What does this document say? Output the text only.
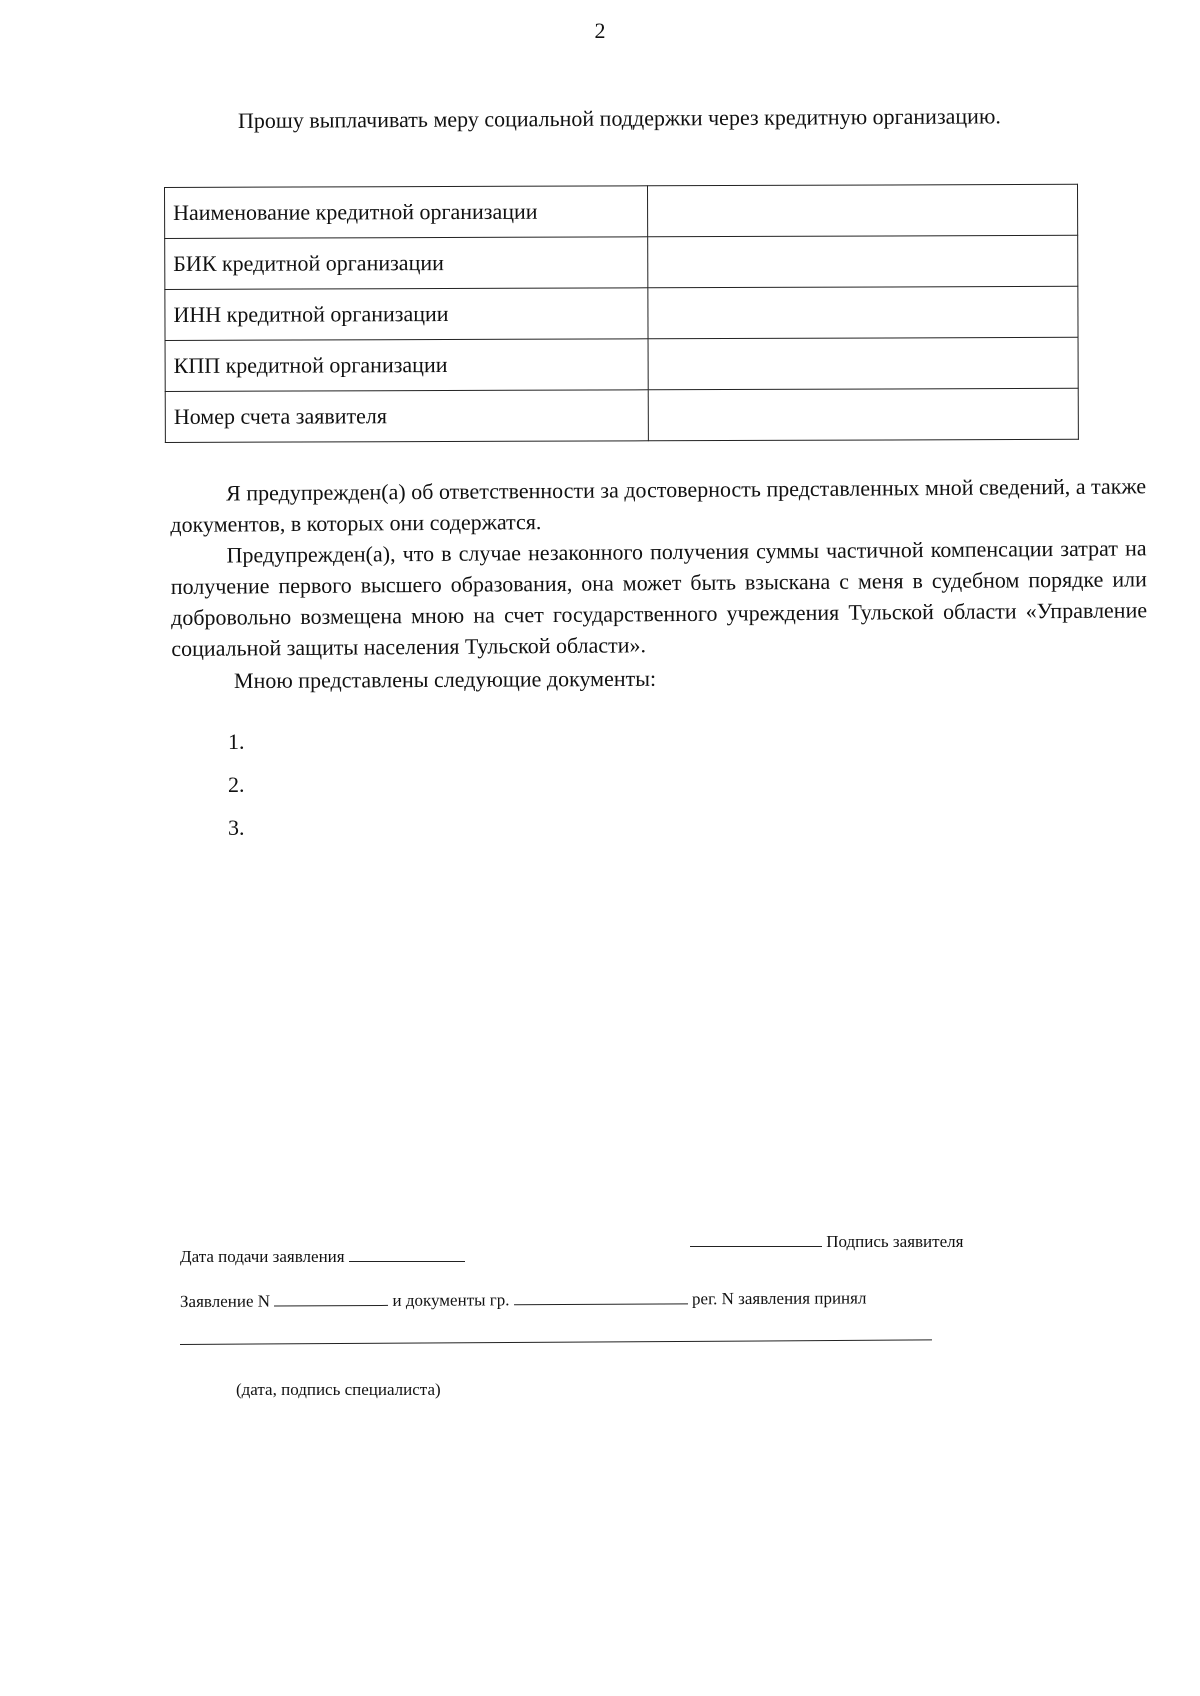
2
Прошу выплачивать меру социальной поддержки через кредитную организацию.
Наименование кредитной организации	
БИК кредитной организации	
ИНН кредитной организации	
КПП кредитной организации	
Номер счета заявителя	

Я предупрежден(а) об ответственности за достоверность представленных мной сведений, а также документов, в которых они содержатся.

Предупрежден(а), что в случае незаконного получения суммы частичной компенсации затрат на получение первого высшего образования, она может быть взыскана с меня в судебном порядке или добровольно возмещена мною на счет государственного учреждения Тульской области «Управление социальной защиты населения Тульской области».

Мною представлены следующие документы:
1.
2.
3.
Дата подачи заявления
Подпись заявителя
Заявление N	и документы гр.	рег. N заявления принял
(дата, подпись специалиста)
